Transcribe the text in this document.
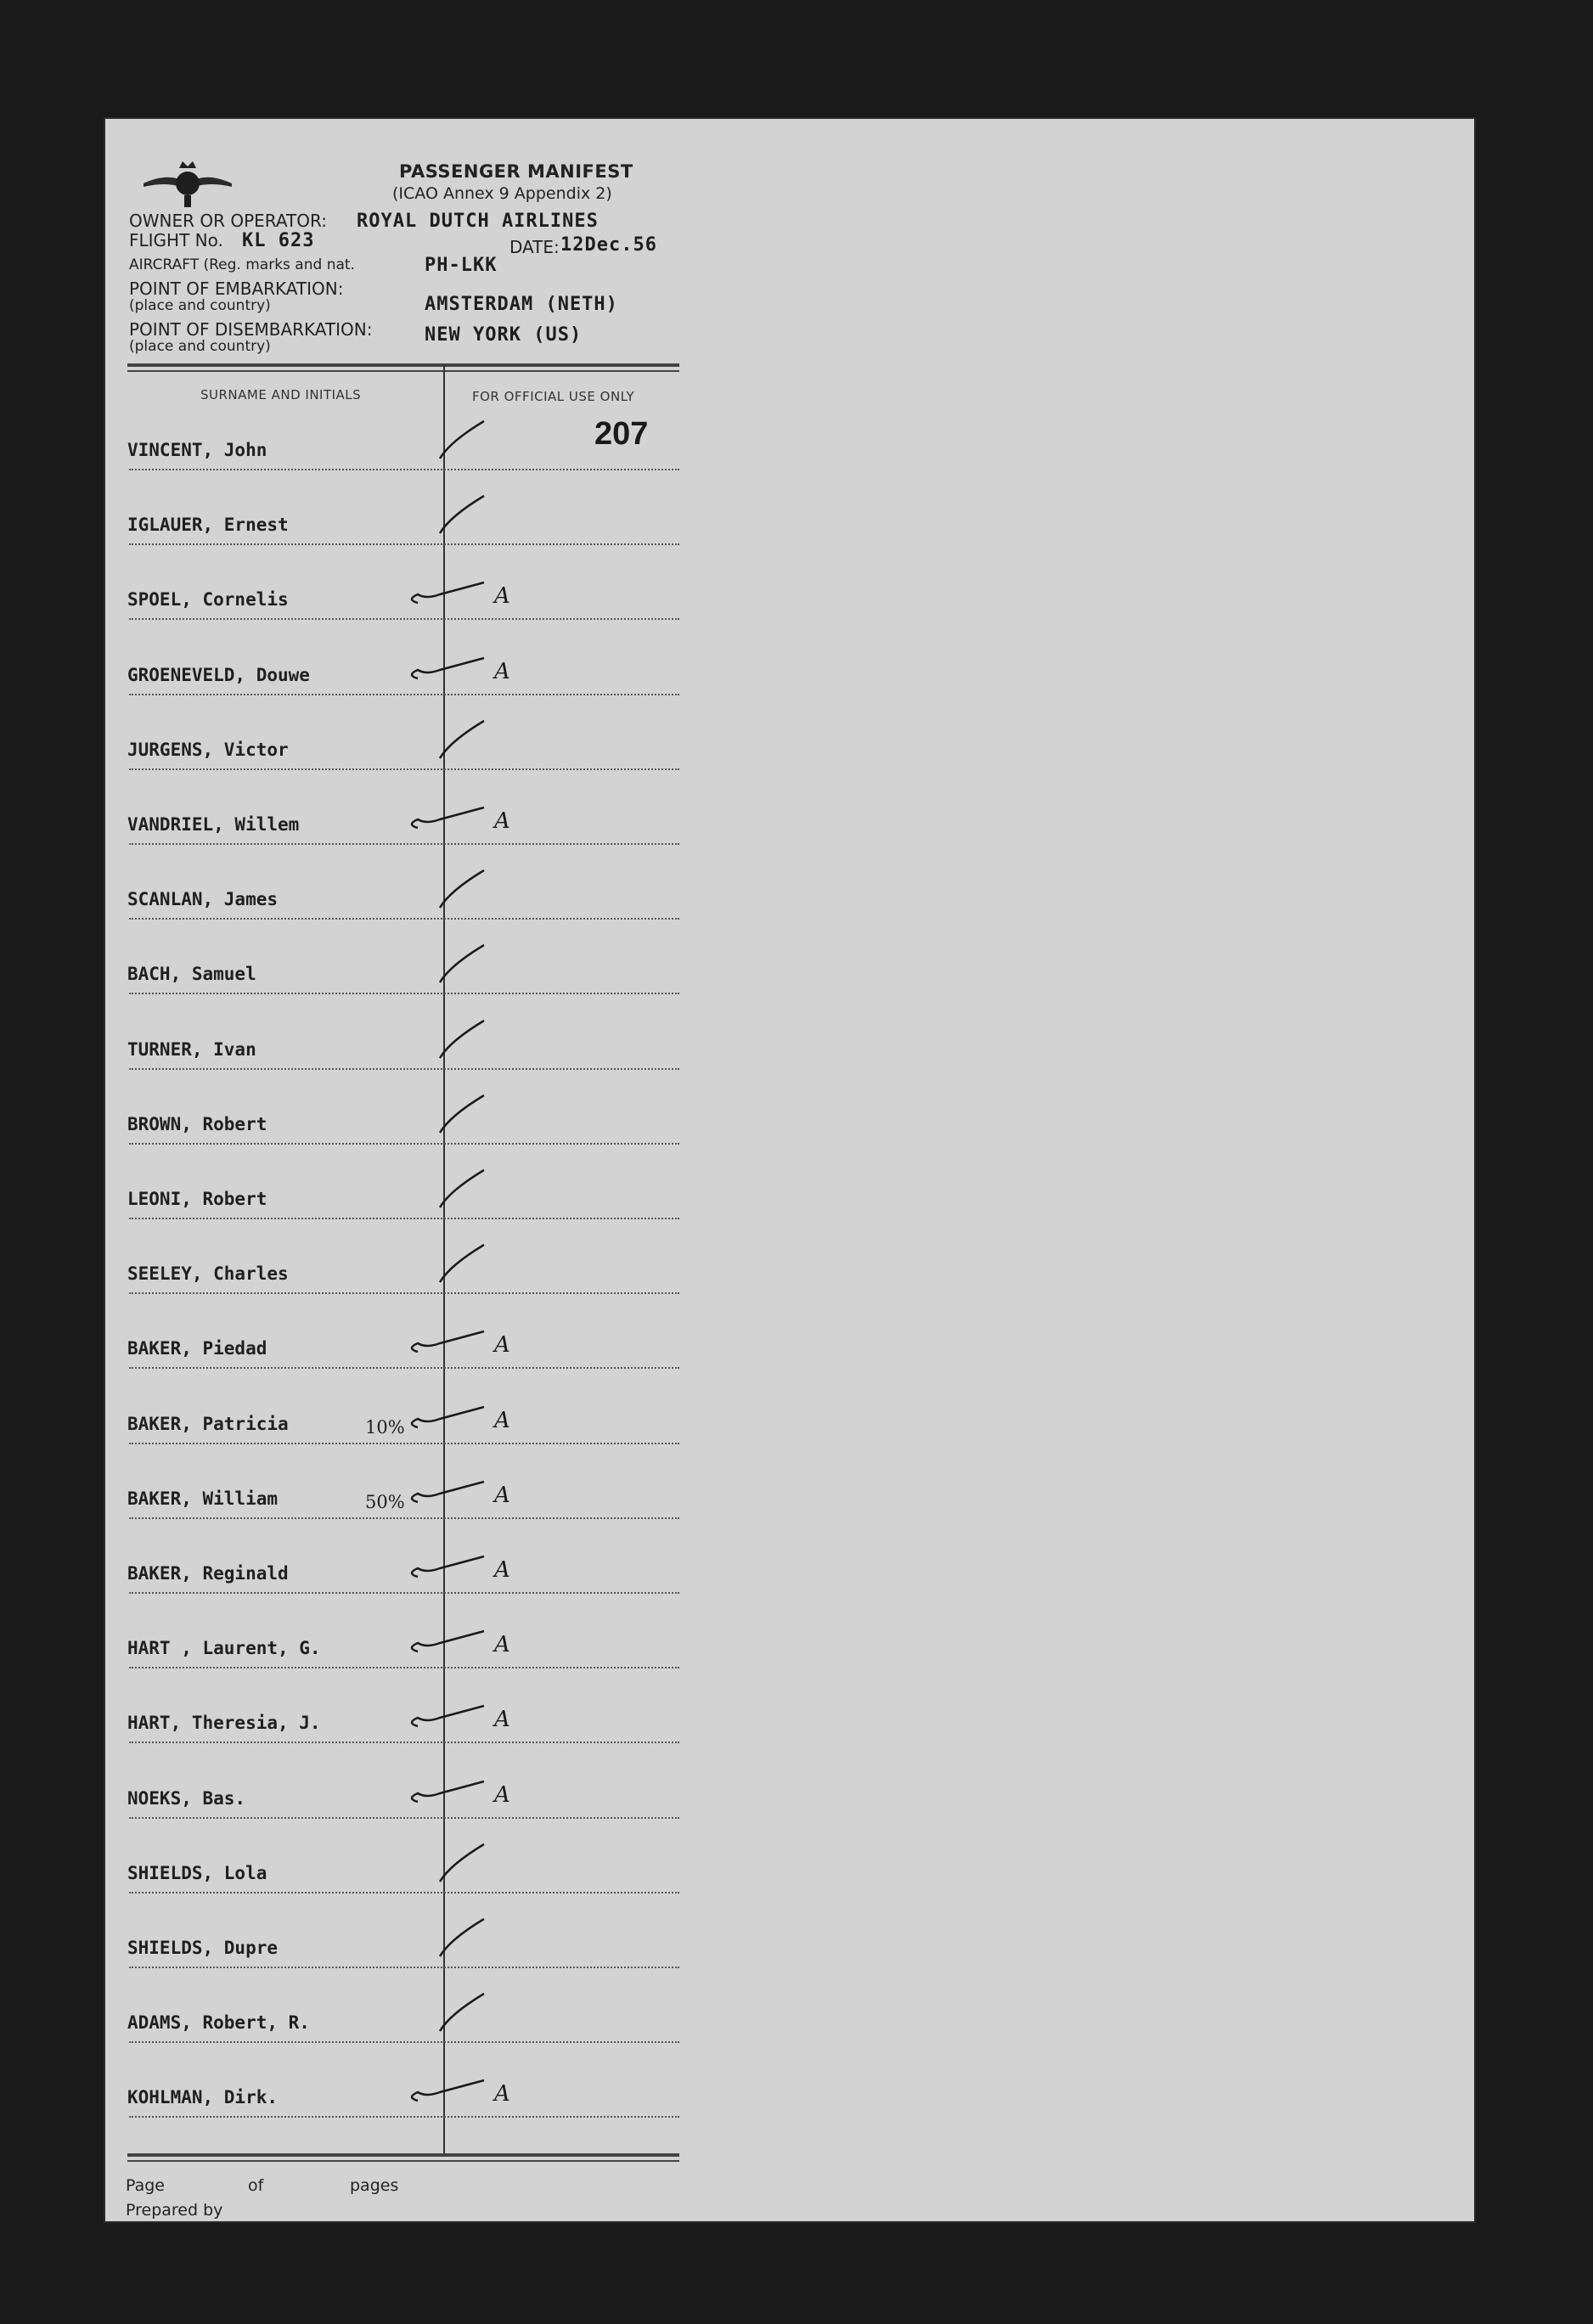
PASSENGER MANIFEST
(ICAO Annex 9 Appendix 2)
OWNER OR OPERATOR: ROYAL DUTCH AIRLINES
FLIGHT No. KL 623	DATE: 12Dec.56
AIRCRAFT (Reg. marks and nat.	PH-LKK
POINT OF EMBARKATION:
(place and country)	AMSTERDAM (NETH)
POINT OF DISEMBARKATION:
(place and country)
NEW YORK (US)
SURNAME AND INITIALS	FOR OFFICIAL USE ONLY
207
VINCENT, John
IGLAUER, Ernest
SPOEL, Cornelis	A
GROENEVELD, Douwe	A
JURGENS, Victor
VANDRIEL, Willem	A
SCANLAN, James
BACH, Samuel
TURNER, Ivan
BROWN, Robert
LEONI, Robert
SEELEY, Charles
BAKER, Piedad	A
BAKER, Patricia	10%	A
BAKER, William	50%	A
BAKER, Reginald	A
HART , Laurent, G.	A
HART, Theresia, J.	A
NOEKS, Bas.	A
SHIELDS, Lola
SHIELDS, Dupre
ADAMS, Robert, R.
KOHLMAN, Dirk.	A
Page	of	pages
Prepared by
